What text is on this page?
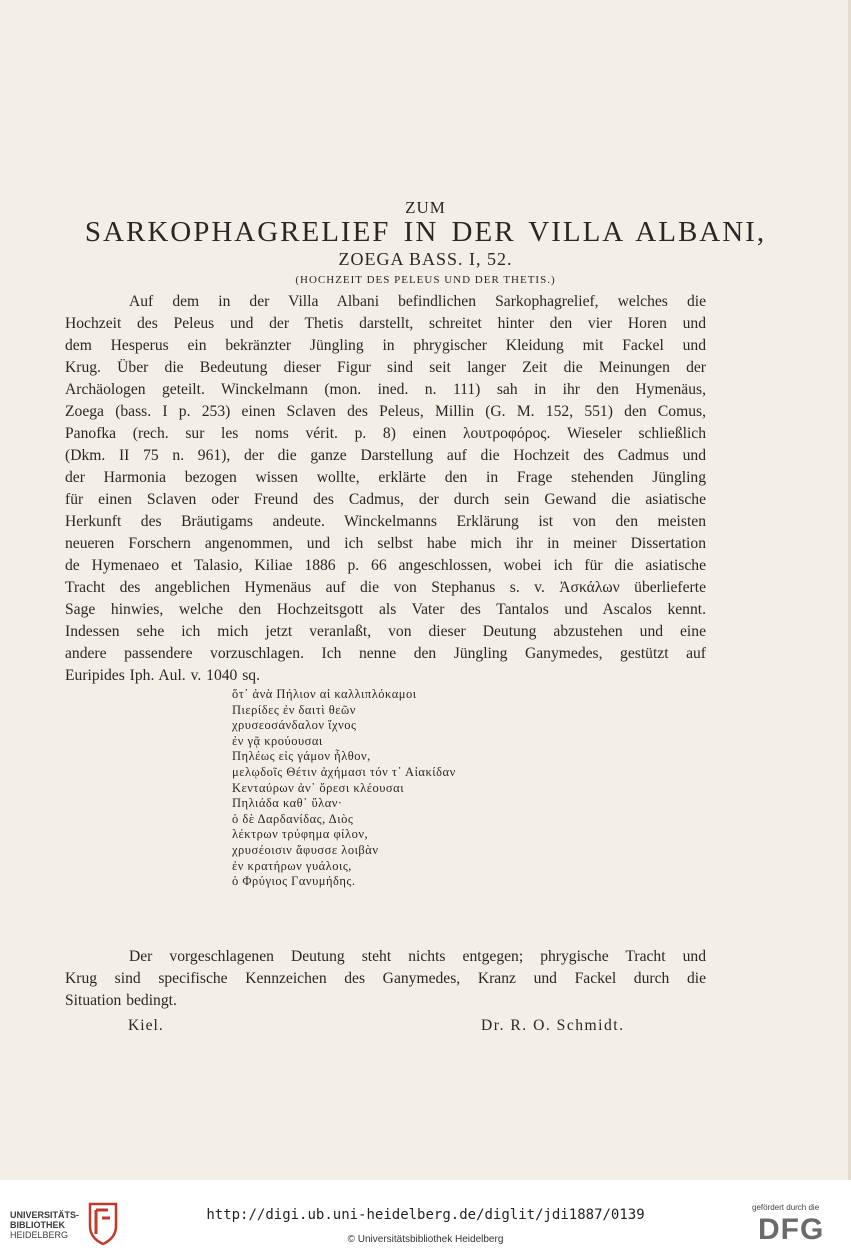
ZUM
SARKOPHAGRELIEF IN DER VILLA ALBANI,
ZOEGA BASS. I, 52.
(HOCHZEIT DES PELEUS UND DER THETIS.)
Auf dem in der Villa Albani befindlichen Sarkophagrelief, welches die
Hochzeit des Peleus und der Thetis darstellt, schreitet hinter den vier Horen und
dem Hesperus ein bekränzter Jüngling in phrygischer Kleidung mit Fackel und
Krug. Über die Bedeutung dieser Figur sind seit langer Zeit die Meinungen der
Archäologen geteilt. Winckelmann (mon. ined. n. 111) sah in ihr den Hymenäus,
Zoega (bass. I p. 253) einen Sclaven des Peleus, Millin (G. M. 152, 551) den Comus,
Panofka (rech. sur les noms vérit. p. 8) einen λουτροφόρος. Wieseler schließlich
(Dkm. II 75 n. 961), der die ganze Darstellung auf die Hochzeit des Cadmus und
der Harmonia bezogen wissen wollte, erklärte den in Frage stehenden Jüngling
für einen Sclaven oder Freund des Cadmus, der durch sein Gewand die asiatische
Herkunft des Bräutigams andeute. Winckelmanns Erklärung ist von den meisten
neueren Forschern angenommen, und ich selbst habe mich ihr in meiner Dissertation
de Hymenaeo et Talasio, Kiliae 1886 p. 66 angeschlossen, wobei ich für die asiatische
Tracht des angeblichen Hymenäus auf die von Stephanus s. v. Ἀσκάλων überlieferte
Sage hinwies, welche den Hochzeitsgott als Vater des Tantalos und Ascalos kennt.
Indessen sehe ich mich jetzt veranlaßt, von dieser Deutung abzustehen und eine
andere passendere vorzuschlagen. Ich nenne den Jüngling Ganymedes, gestützt auf
Euripides Iph. Aul. v. 1040 sq.
ὅτ᾽ ἀνὰ Πήλιον αἱ καλλιπλόκαμοι
Πιερίδες ἐν δαιτὶ θεῶν
χρυσεοσάνδαλον ἴχνος
ἐν γᾷ κρούουσαι
Πηλέως εἰς γάμον ἦλθον,
μελῳδοῖς Θέτιν ἀχήμασι τόν τ᾽ Αἰακίδαν
Κενταύρων ἀν᾽ ὄρεσι κλέουσαι
Πηλιάδα καθ᾽ ὕλαν·
ὁ δὲ Δαρδανίδας, Διὸς
λέκτρων τρύφημα φίλον,
χρυσέοισιν ἄφυσσε λοιβὰν
ἐν κρατήρων γυάλοις,
ὁ Φρύγιος Γανυμήδης.
Der vorgeschlagenen Deutung steht nichts entgegen; phrygische Tracht und
Krug sind specifische Kennzeichen des Ganymedes, Kranz und Fackel durch die
Situation bedingt.
Kiel.	Dr. R. O. Schmidt.
UNIVERSITÄTS-
BIBLIOTHEK
HEIDELBERG
http://digi.ub.uni-heidelberg.de/diglit/jdi1887/0139
© Universitätsbibliothek Heidelberg
gefördert durch die
DFG
